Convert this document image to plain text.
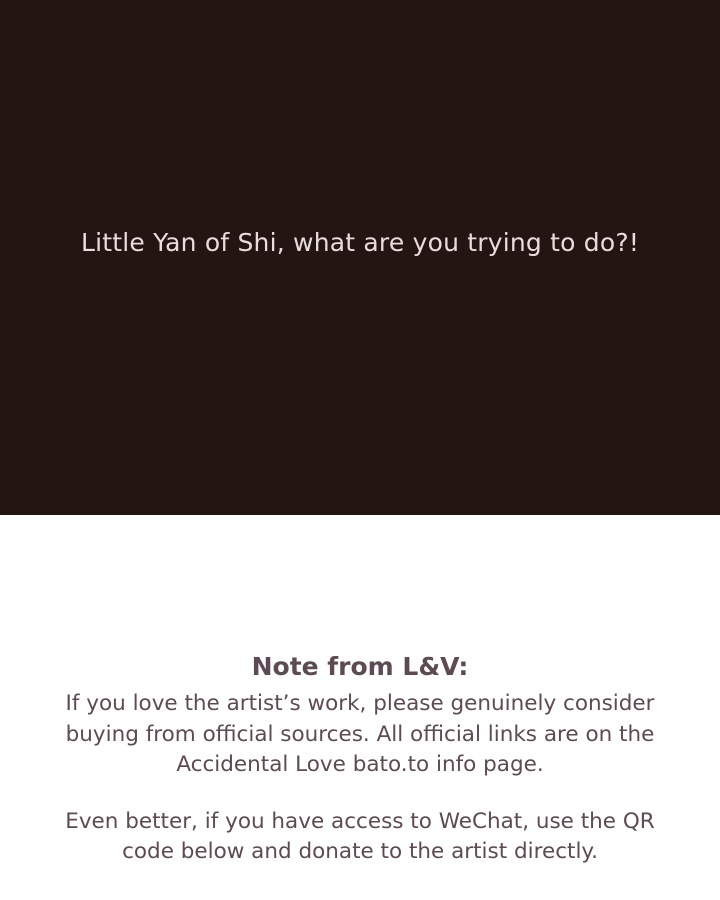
Little Yan of Shi, what are you trying to do?!
Note from L&V:
If you love the artist’s work, please genuinely consider buying from official sources. All official links are on the Accidental Love bato.to info page.
Even better, if you have access to WeChat, use the QR code below and donate to the artist directly.
